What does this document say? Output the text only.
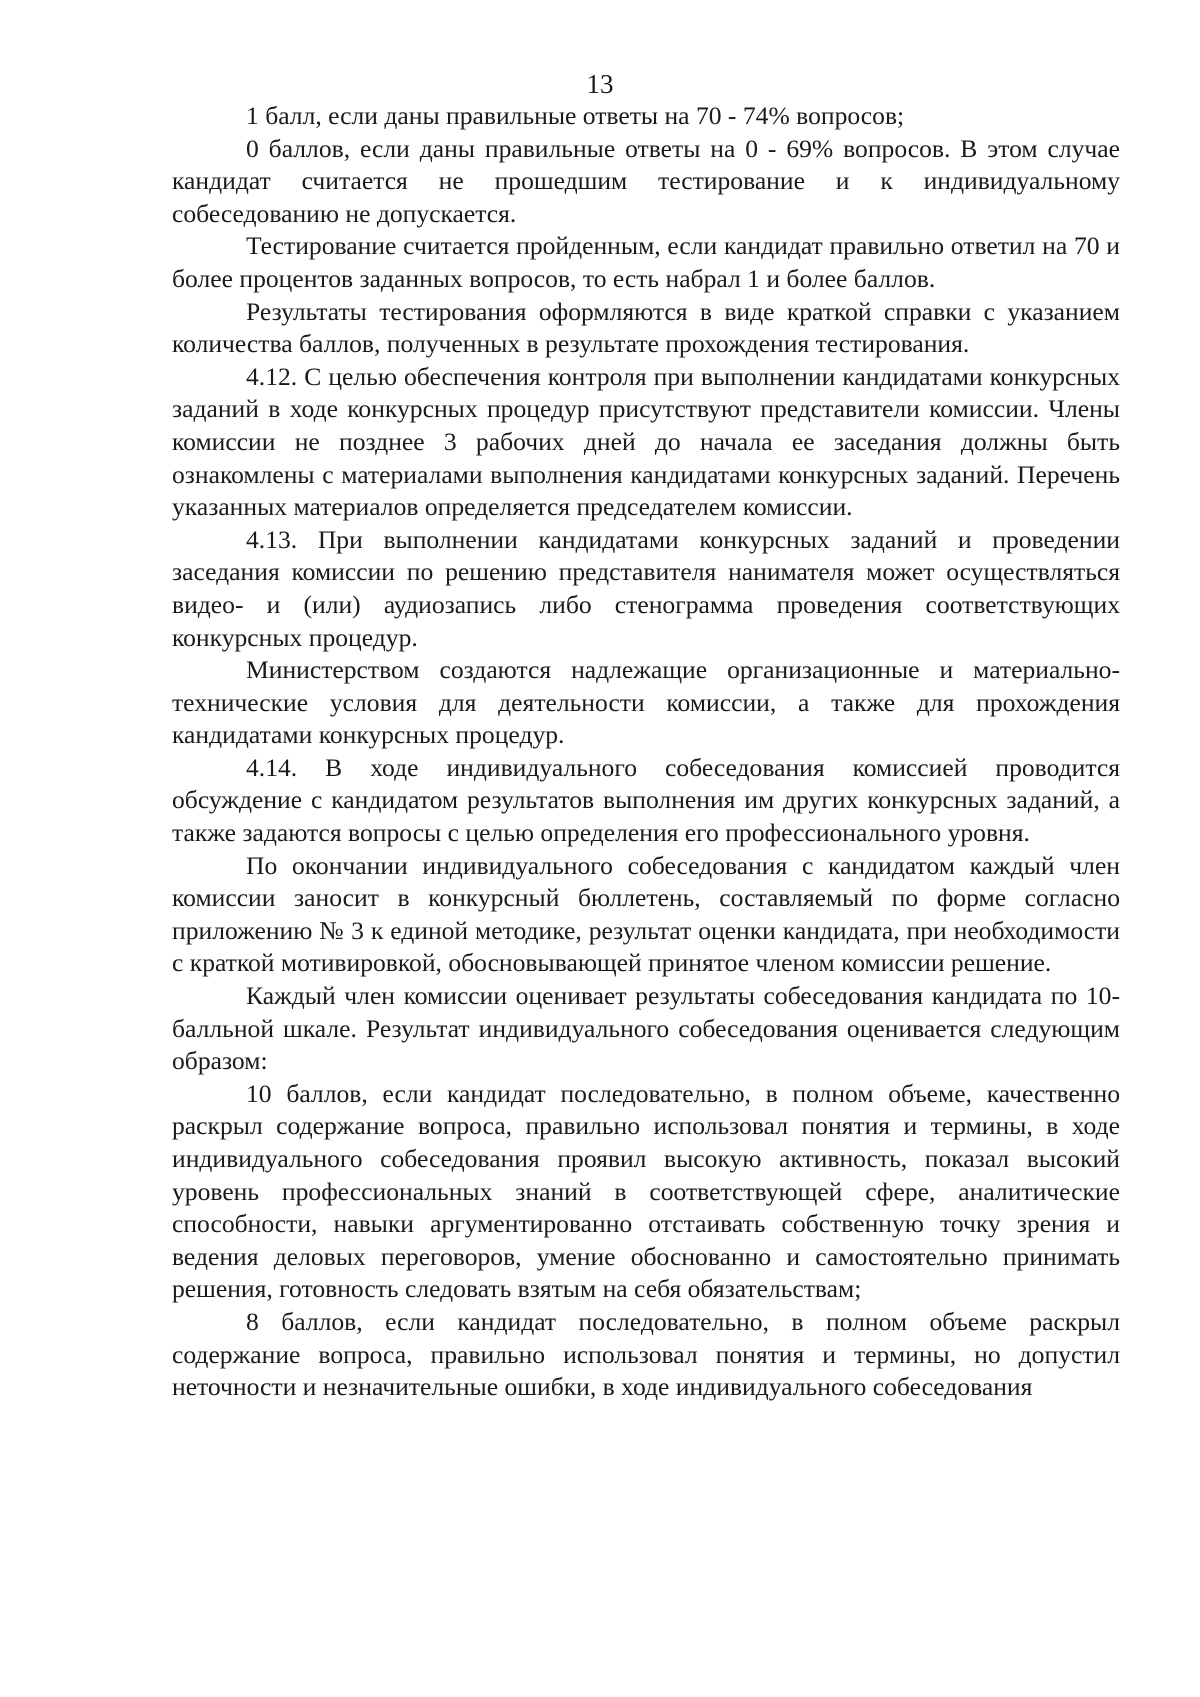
13

1 балл, если даны правильные ответы на 70 - 74% вопросов;

0 баллов, если даны правильные ответы на 0 - 69% вопросов. В этом случае кандидат считается не прошедшим тестирование и к индивидуальному собеседованию не допускается.

Тестирование считается пройденным, если кандидат правильно ответил на 70 и более процентов заданных вопросов, то есть набрал 1 и более баллов.

Результаты тестирования оформляются в виде краткой справки с указанием количества баллов, полученных в результате прохождения тестирования.

4.12. С целью обеспечения контроля при выполнении кандидатами конкурсных заданий в ходе конкурсных процедур присутствуют представители комиссии. Члены комиссии не позднее 3 рабочих дней до начала ее заседания должны быть ознакомлены с материалами выполнения кандидатами конкурсных заданий. Перечень указанных материалов определяется председателем комиссии.

4.13. При выполнении кандидатами конкурсных заданий и проведении заседания комиссии по решению представителя нанимателя может осуществляться видео- и (или) аудиозапись либо стенограмма проведения соответствующих конкурсных процедур.

Министерством создаются надлежащие организационные и материально-технические условия для деятельности комиссии, а также для прохождения кандидатами конкурсных процедур.

4.14. В ходе индивидуального собеседования комиссией проводится обсуждение с кандидатом результатов выполнения им других конкурсных заданий, а также задаются вопросы с целью определения его профессионального уровня.

По окончании индивидуального собеседования с кандидатом каждый член комиссии заносит в конкурсный бюллетень, составляемый по форме согласно приложению № 3 к единой методике, результат оценки кандидата, при необходимости с краткой мотивировкой, обосновывающей принятое членом комиссии решение.

Каждый член комиссии оценивает результаты собеседования кандидата по 10-балльной шкале. Результат индивидуального собеседования оценивается следующим образом:

10 баллов, если кандидат последовательно, в полном объеме, качественно раскрыл содержание вопроса, правильно использовал понятия и термины, в ходе индивидуального собеседования проявил высокую активность, показал высокий уровень профессиональных знаний в соответствующей сфере, аналитические способности, навыки аргументированно отстаивать собственную точку зрения и ведения деловых переговоров, умение обоснованно и самостоятельно принимать решения, готовность следовать взятым на себя обязательствам;

8 баллов, если кандидат последовательно, в полном объеме раскрыл содержание вопроса, правильно использовал понятия и термины, но допустил неточности и незначительные ошибки, в ходе индивидуального собеседования
